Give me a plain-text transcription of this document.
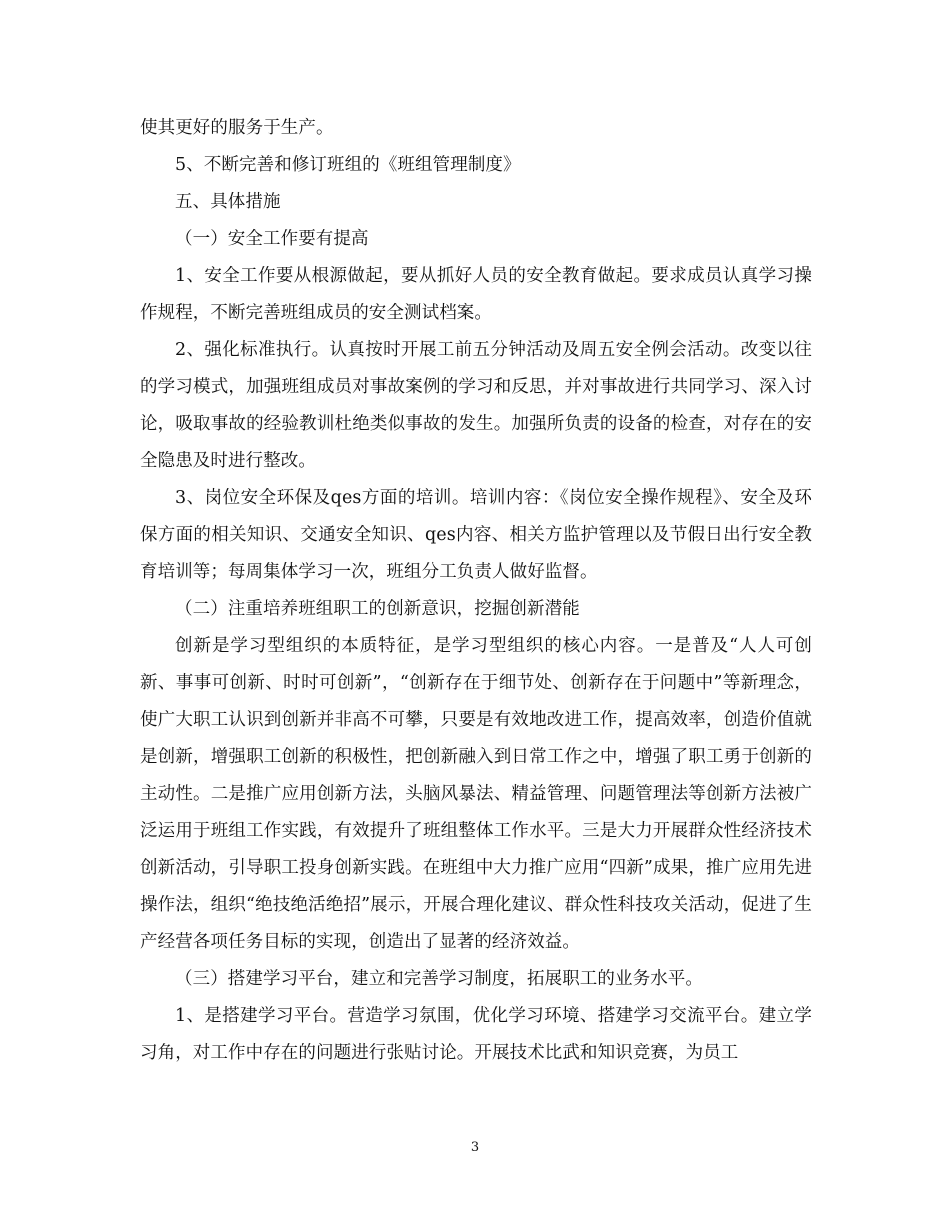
使其更好的服务于生产。

5、不断完善和修订班组的《班组管理制度》

五、具体措施

（一）安全工作要有提高

1、安全工作要从根源做起，要从抓好人员的安全教育做起。要求成员认真学习操作规程，不断完善班组成员的安全测试档案。

2、强化标准执行。认真按时开展工前五分钟活动及周五安全例会活动。改变以往的学习模式，加强班组成员对事故案例的学习和反思，并对事故进行共同学习、深入讨论，吸取事故的经验教训杜绝类似事故的发生。加强所负责的设备的检查，对存在的安全隐患及时进行整改。

3、岗位安全环保及qes方面的培训。培训内容：《岗位安全操作规程》、安全及环保方面的相关知识、交通安全知识、qes内容、相关方监护管理以及节假日出行安全教育培训等；每周集体学习一次，班组分工负责人做好监督。

（二）注重培养班组职工的创新意识，挖掘创新潜能

创新是学习型组织的本质特征，是学习型组织的核心内容。一是普及“人人可创新、事事可创新、时时可创新”，“创新存在于细节处、创新存在于问题中”等新理念，使广大职工认识到创新并非高不可攀，只要是有效地改进工作，提高效率，创造价值就是创新，增强职工创新的积极性，把创新融入到日常工作之中，增强了职工勇于创新的主动性。二是推广应用创新方法，头脑风暴法、精益管理、问题管理法等创新方法被广泛运用于班组工作实践，有效提升了班组整体工作水平。三是大力开展群众性经济技术创新活动，引导职工投身创新实践。在班组中大力推广应用“四新”成果，推广应用先进操作法，组织“绝技绝活绝招”展示，开展合理化建议、群众性科技攻关活动，促进了生产经营各项任务目标的实现，创造出了显著的经济效益。

（三）搭建学习平台，建立和完善学习制度，拓展职工的业务水平。

1、是搭建学习平台。营造学习氛围，优化学习环境、搭建学习交流平台。建立学习角，对工作中存在的问题进行张贴讨论。开展技术比武和知识竞赛，为员工

3
